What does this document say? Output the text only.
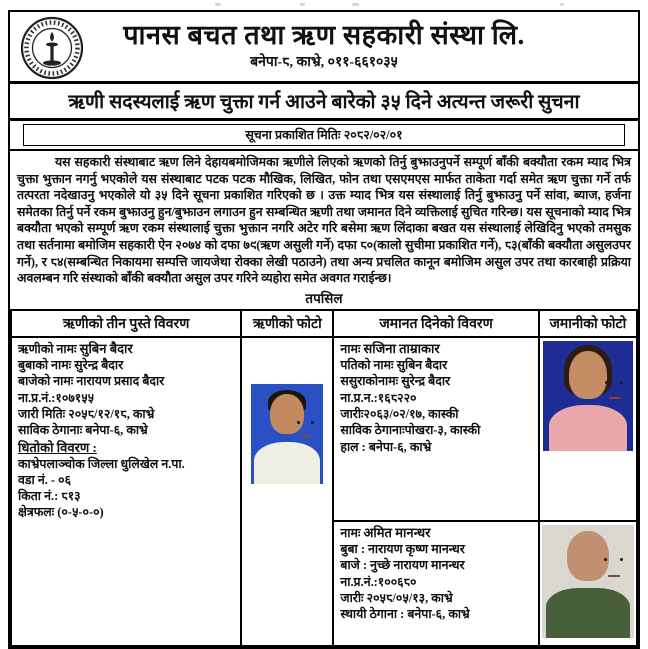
पानस बचत तथा ऋण सहकारी संस्था लि.
बनेपा-८, काभ्रे, ०११-६६१०३५
ऋणी सदस्यलाई ऋण चुक्ता गर्न आउने बारेको ३५ दिने अत्यन्त जरूरी सुचना
सूचना प्रकाशित मितिः २०८२/०२/०१
यस सहकारी संस्थाबाट ऋण लिने देहायबमोजिमका ऋणीले लिएको ऋणको तिर्नु बुझाउनुपर्ने सम्पूर्ण बाँकी बक्यौता रकम म्याद भित्र चुक्ता भुक्तान नगर्नु भएकोले यस संस्थाबाट पटक पटक मौखिक, लिखित, फोन तथा एसएमएस मार्फत ताकेता गर्दा समेत ऋण चुक्ता गर्ने तर्फ तत्परता नदेखाउनु भएकोले यो ३५ दिने सूचना प्रकाशित गरिएको छ । उक्त म्याद भित्र यस संस्थालाई तिर्नु बुझाउनु पर्ने सांवा, ब्याज, हर्जना समेतका तिर्नु पर्ने रकम बुझाउनु हुन/बुझाउन लगाउन हुन सम्बन्धित ऋणी तथा जमानत दिने व्यक्तिलाई सुचित गरिन्छ। यस सूचनाको म्याद भित्र बक्यौता भएको सम्पूर्ण ऋण रकम संस्थालाई चुक्ता भुक्तान नगरि अटेर गरि बसेमा ऋण लिंदाका बखत यस संस्थालाई लेखिदिनु भएको तमसुक तथा सर्तनामा बमोजिम सहकारी ऐन २०७४ को दफा ७९(ऋण असुली गर्ने) दफा ८०(कालो सुचीमा प्रकाशित गर्ने), ८३(बाँकी बक्यौता असुलउपर गर्ने), र ८४(सम्बन्धित निकायमा सम्पत्ति जायजेथा रोक्का लेखी पठाउने) तथा अन्य प्रचलित कानून बमोजिम असुल उपर तथा कारबाही प्रक्रिया अवलम्बन गरि संस्थाको बाँकी बक्यौता असुल उपर गरिने व्यहोरा समेत अवगत गराईन्छ।
तपसिल
ऋणीको तीन पुस्ते विवरण	ऋणीको फोटो	जमानत दिनेको विवरण	जमानीको फोटो

ऋणीको नामः सुबिन बैदार
बुबाको नामः सुरेन्द्र बैदार
बाजेको नामः नारायण प्रसाद बैदार
ना.प्र.नं.:१०७१५५
जारी मितिः २०५८/१२/१८, काभ्रे
साविक ठेगानाः बनेपा-६, काभ्रे
धितोको विवरण :
काभ्रेपलाञ्चोक जिल्ला धुलिखेल न.पा.
वडा नं. - ०६
किता नं.: ८१३
क्षेत्रफलः (०-५-०-०)

नामः सजिना ताम्राकार
पतिको नामः सुबिन बैदार
ससुराकोनामः सुरेन्द्र बैदार
ना.प्र.न.:१६८२२०
जारीः२०६३/०२/१७, कास्की
साविक ठेगानाःपोखरा-३, कास्की
हाल : बनेपा-६, काभ्रे

नामः अमित मानन्धर
बुबा : नारायण कृष्ण मानन्धर
बाजे : नुच्छे नारायण मानन्धर
ना.प्र.नं.:१००६८०
जारीः २०५८/०५/१३, काभ्रे
स्थायी ठेगाना : बनेपा-६, काभ्रे
